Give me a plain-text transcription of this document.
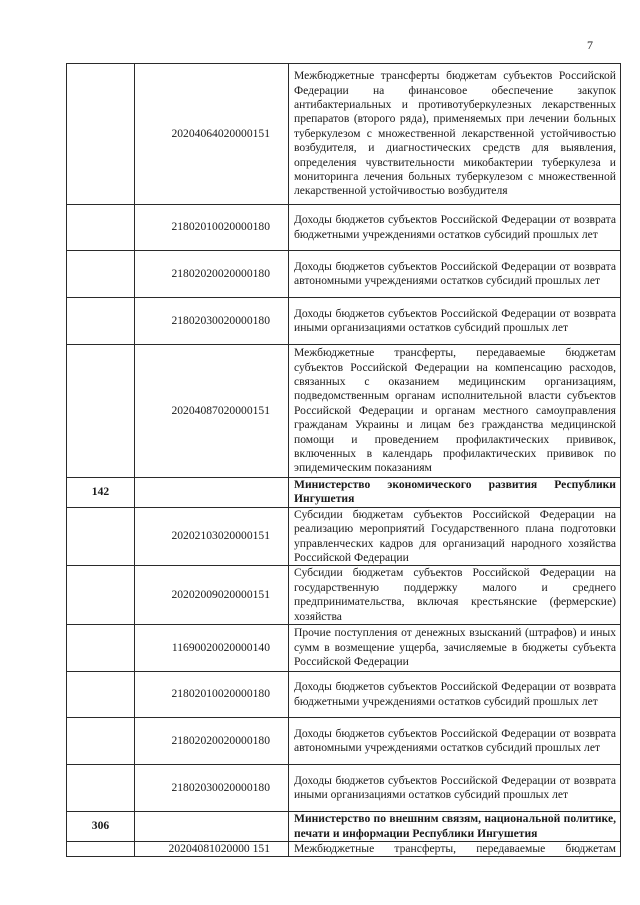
7
	20204064020000151	Межбюджетные трансферты бюджетам субъектов Российской Федерации на финансовое обеспечение закупок антибактериальных и противотуберкулезных лекарственных препаратов (второго ряда), применяемых при лечении больных туберкулезом с множественной лекарственной устойчивостью возбудителя, и диагностических средств для выявления, определения чувствительности микобактерии туберкулеза и мониторинга лечения больных туберкулезом с множественной лекарственной устойчивостью возбудителя
	21802010020000180	Доходы бюджетов субъектов Российской Федерации от возврата бюджетными учреждениями остатков субсидий прошлых лет
	21802020020000180	Доходы бюджетов субъектов Российской Федерации от возврата автономными учреждениями остатков субсидий прошлых лет
	21802030020000180	Доходы бюджетов субъектов Российской Федерации от возврата иными организациями остатков субсидий прошлых лет
	20204087020000151	Межбюджетные трансферты, передаваемые бюджетам субъектов Российской Федерации на компенсацию расходов, связанных с оказанием медицинским организациям, подведомственным органам исполнительной власти субъектов Российской Федерации и органам местного самоуправления гражданам Украины и лицам без гражданства медицинской помощи и проведением профилактических прививок, включенных в календарь профилактических прививок по эпидемическим показаниям
142		Министерство экономического развития Республики Ингушетия
	20202103020000151	Субсидии бюджетам субъектов Российской Федерации на реализацию мероприятий Государственного плана подготовки управленческих кадров для организаций народного хозяйства Российской Федерации
	20202009020000151	Субсидии бюджетам субъектов Российской Федерации на государственную поддержку малого и среднего предпринимательства, включая крестьянские (фермерские) хозяйства
	11690020020000140	Прочие поступления от денежных взысканий (штрафов) и иных сумм в возмещение ущерба, зачисляемые в бюджеты субъекта Российской Федерации
	21802010020000180	Доходы бюджетов субъектов Российской Федерации от возврата бюджетными учреждениями остатков субсидий прошлых лет
	21802020020000180	Доходы бюджетов субъектов Российской Федерации от возврата автономными учреждениями остатков субсидий прошлых лет
	21802030020000180	Доходы бюджетов субъектов Российской Федерации от возврата иными организациями остатков субсидий прошлых лет
306		Министерство по внешним связям, национальной политике, печати и информации Республики Ингушетия
	20204081020000 151	Межбюджетные трансферты, передаваемые бюджетам
